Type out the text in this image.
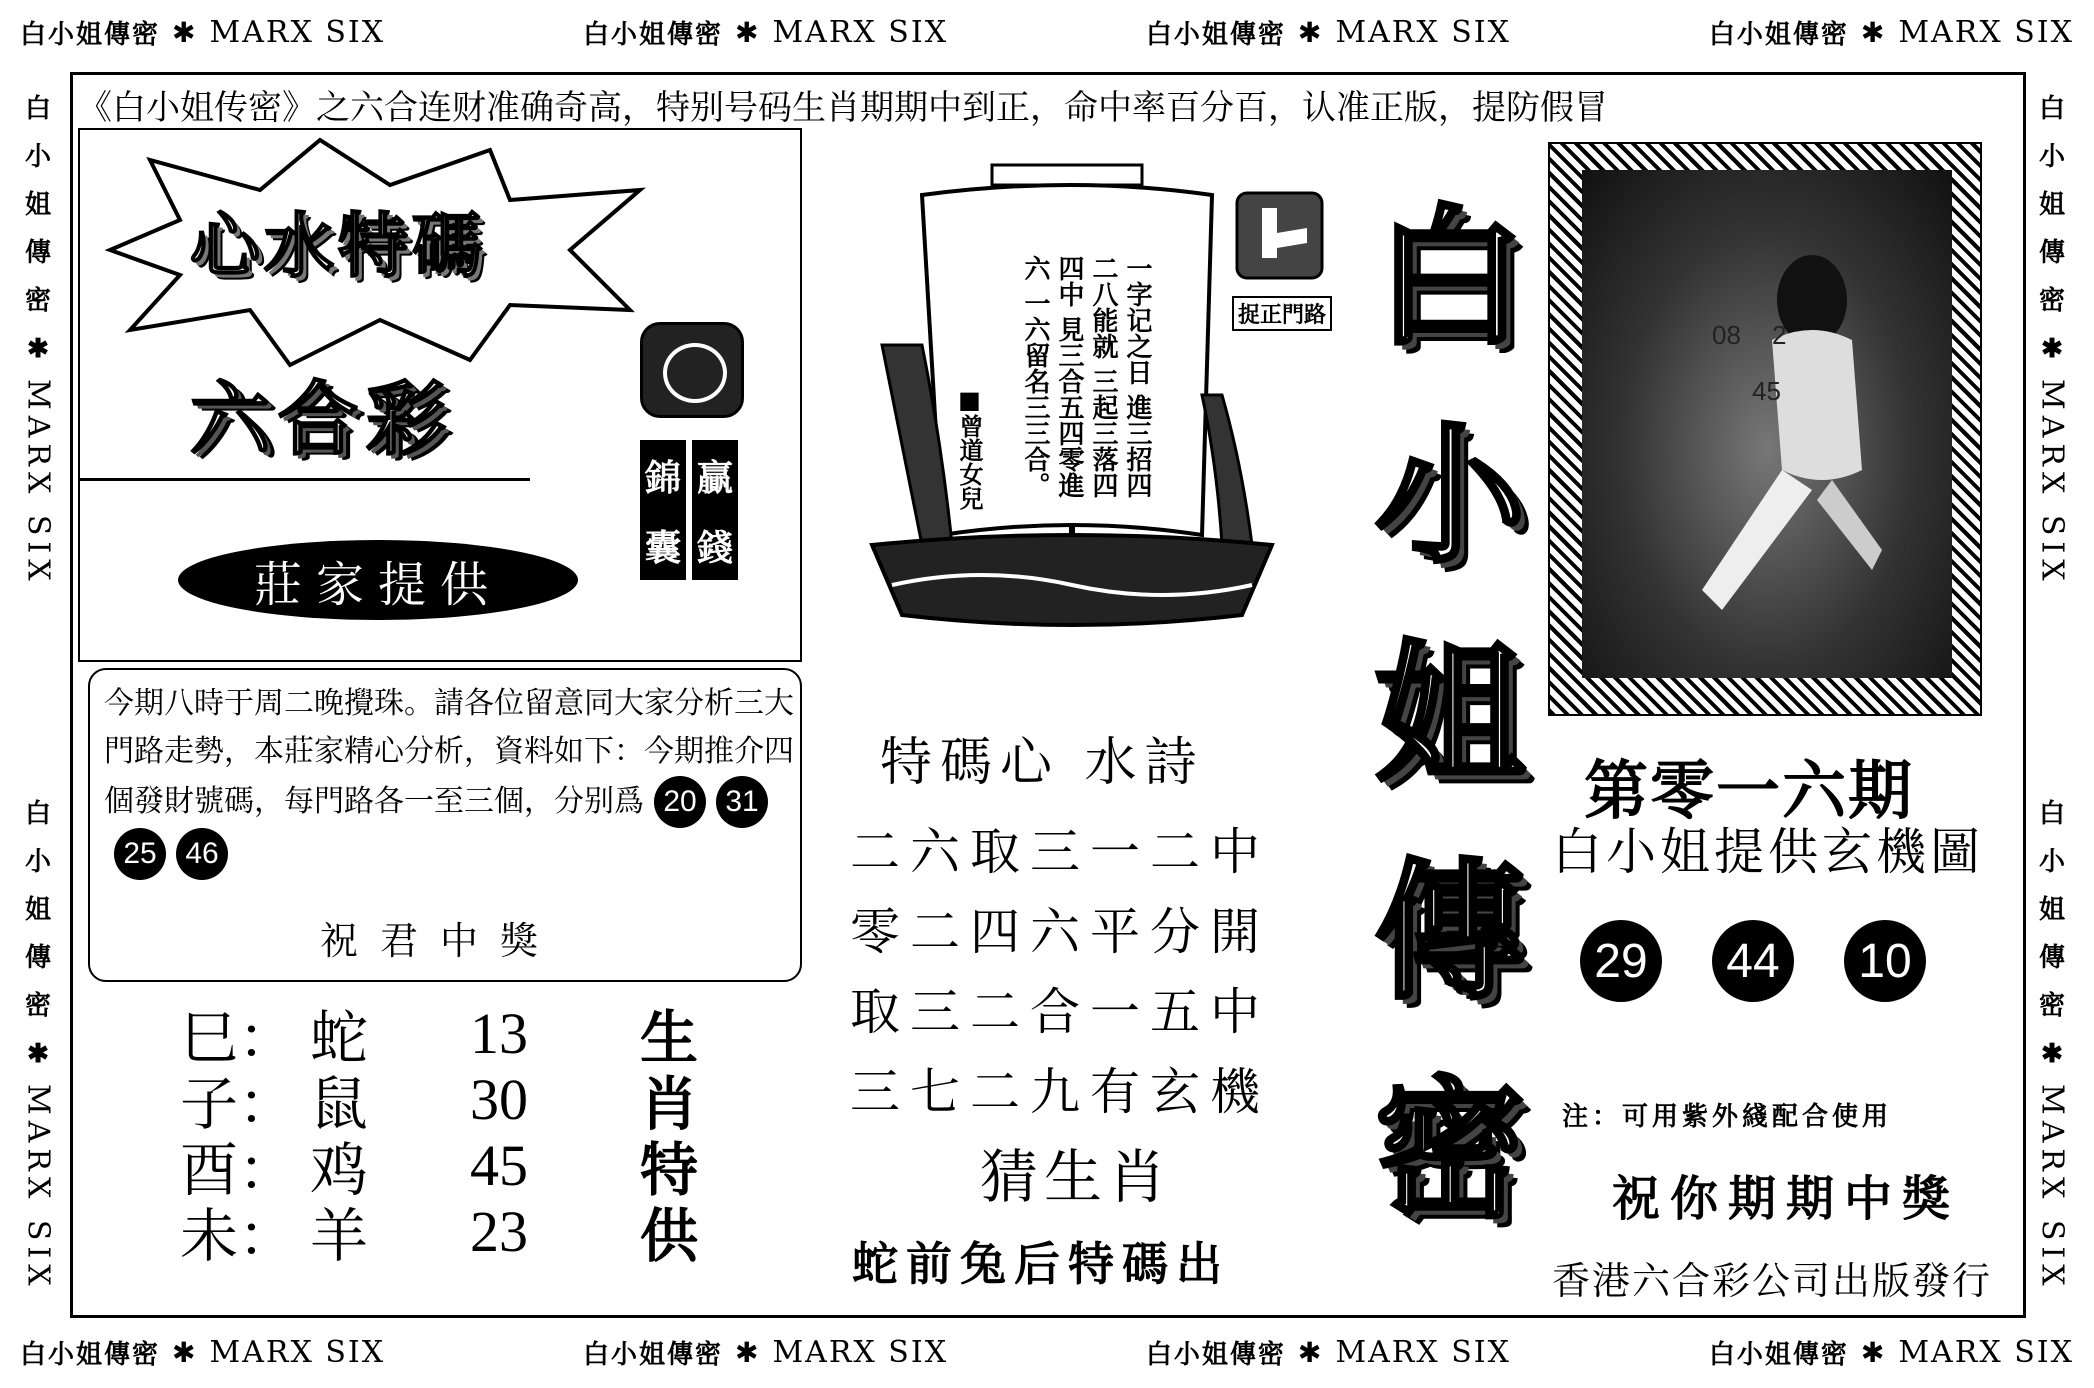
白小姐傳密 ✱ MARX SIX	白小姐傳密 ✱ MARX SIX	白小姐傳密 ✱ MARX SIX	白小姐傳密 ✱ MARX SIX
白小姐傳密 ✱ MARX SIX	白小姐傳密 ✱ MARX SIX	白小姐傳密 ✱ MARX SIX	白小姐傳密 ✱ MARX SIX
白
小
姐
傳
密
✱
MARX SIX
白
小
姐
傳
密
✱
MARX SIX
白
小
姐
傳
密
✱
MARX SIX
白
小
姐
傳
密
✱
MARX SIX
《白小姐传密》之六合连财准确奇高，特别号码生肖期期中到正，命中率百分百，认准正版，提防假冒
心水特碼
六合彩
莊家提供
錦
囊
贏
錢
今期八時于周二晚攪珠。請各位留意同大家分析三大門路走勢，本莊家精心分析，資料如下：今期推介四個發財號碼，每門路各一至三個，分别爲 20 3125 46
祝君中獎
巳： 蛇	13	生
子： 鼠	30	肖
酉： 鸡	45	特
未： 羊	23	供
捉正門路
一字记之日 進三招四二八能就 三起三落四四中 見三合五四零進六 一六留名三三合。
■曾道女兒
特碼心 水詩
二六取三一二中
零二四六平分開
取三二合一五中
三七二九有玄機
猜生肖
蛇前兔后特碼出
白
小
姐
傳
密
08 2
45
第零一六期
白小姐提供玄機圖
29 44 10
注：可用紫外綫配合使用
祝你期期中獎
香港六合彩公司出版發行
